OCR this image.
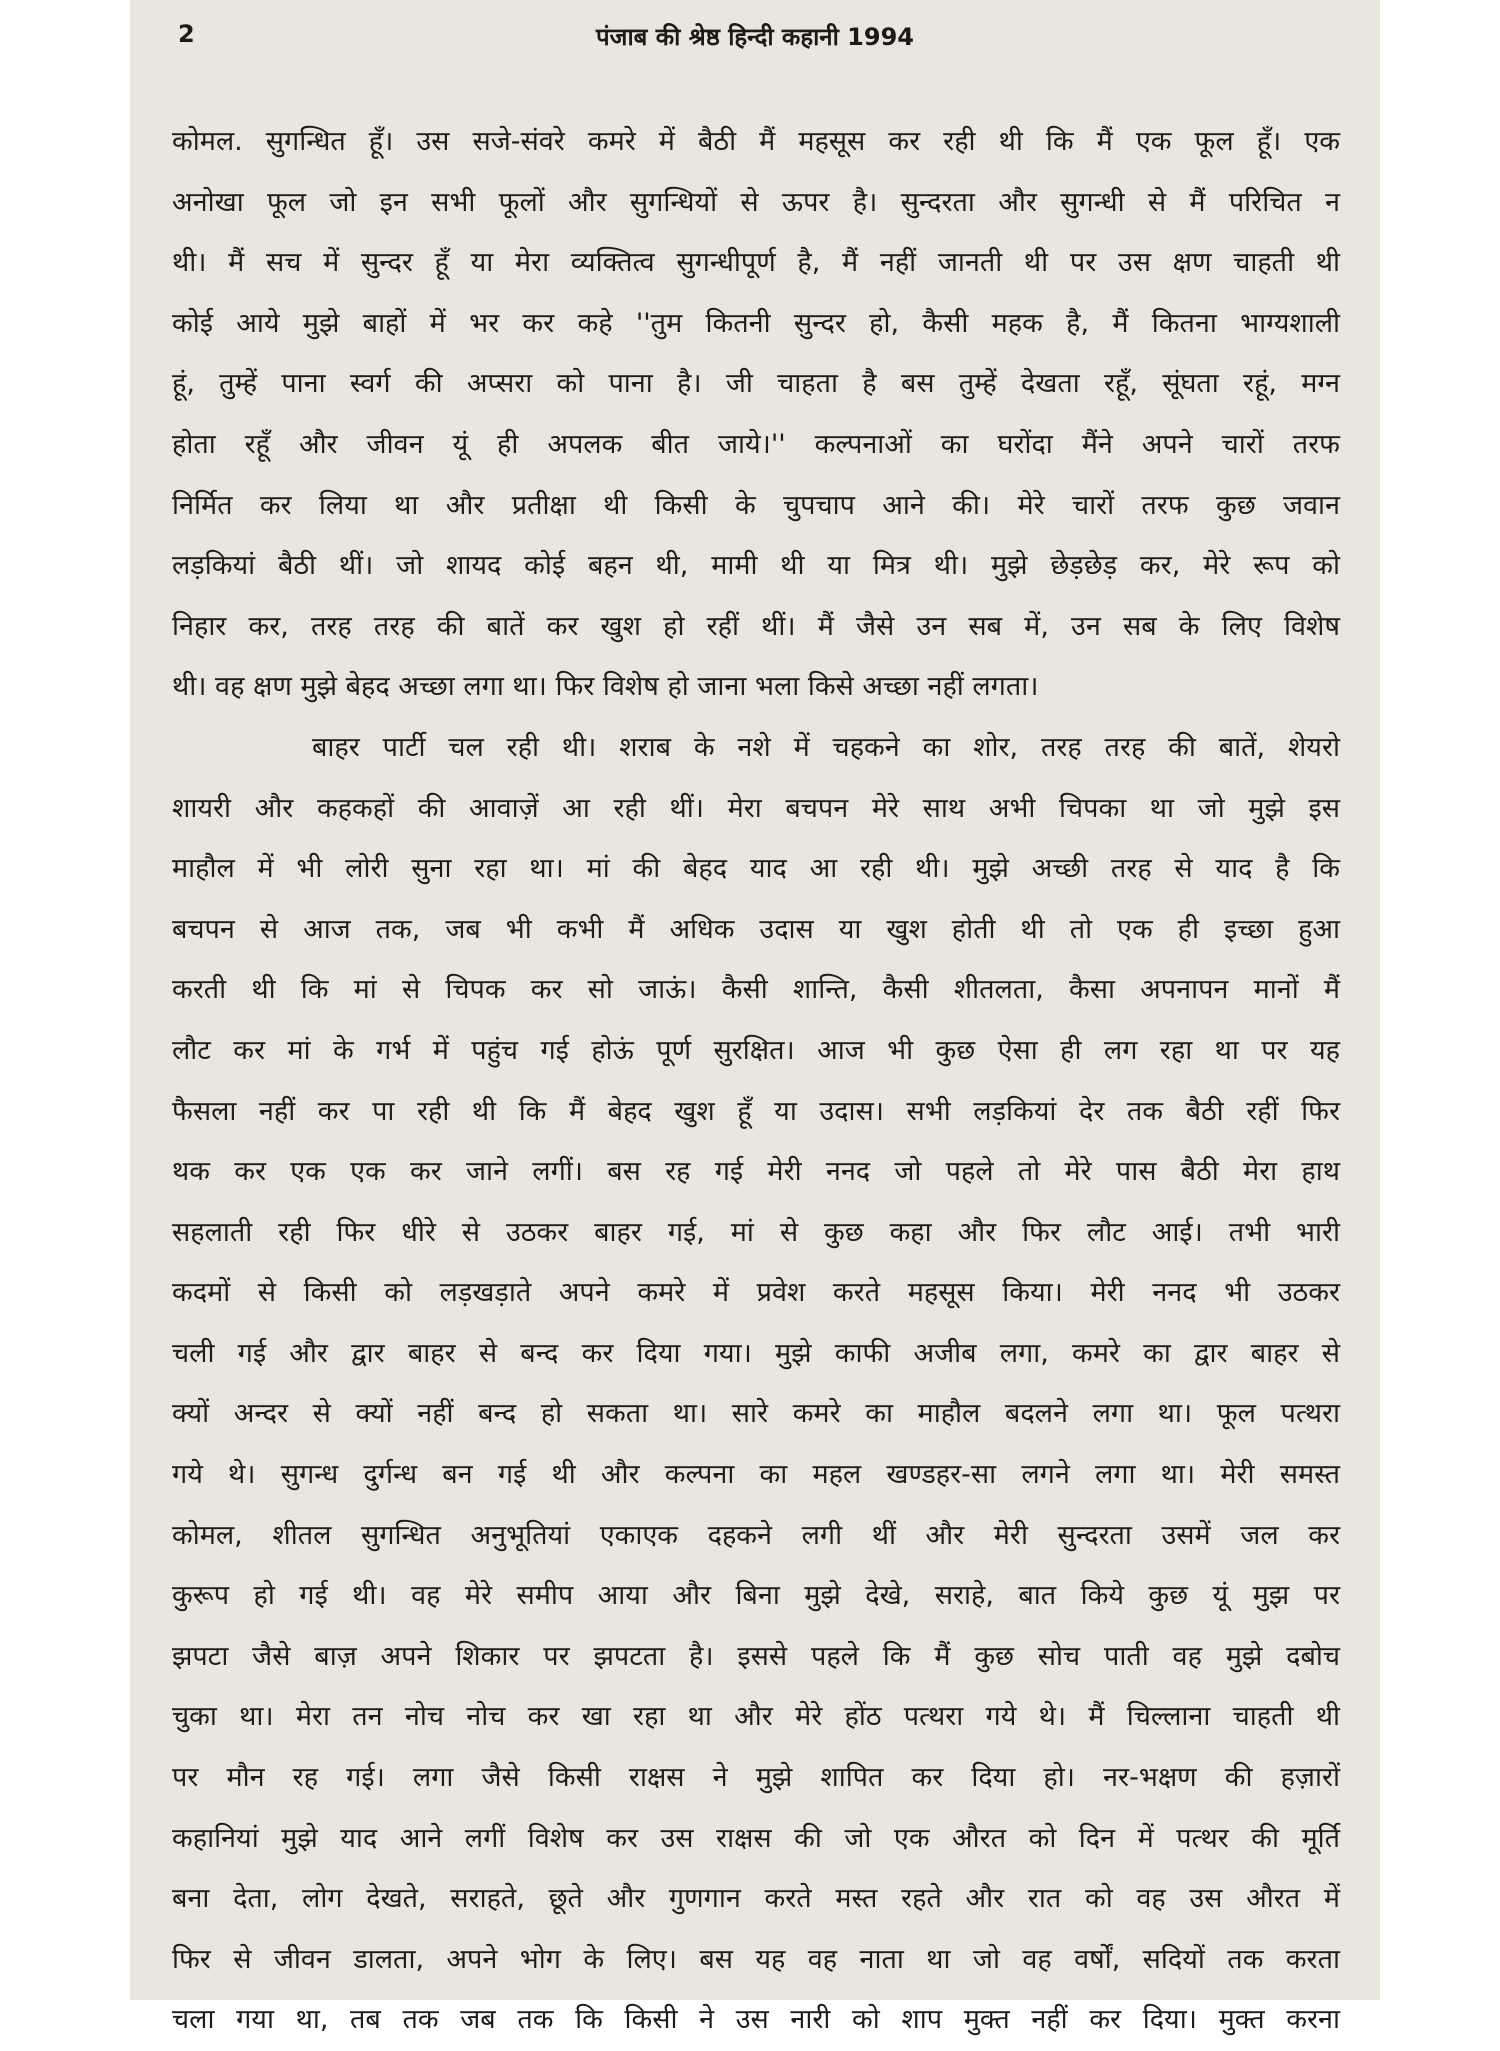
2	पंजाब की श्रेष्ठ हिन्दी कहानी 1994
कोमल. सुगन्धित हूँ। उस सजे-संवरे कमरे में बैठी मैं महसूस कर रही थी कि मैं एक फूल हूँ। एक
अनोखा फूल जो इन सभी फूलों और सुगन्धियों से ऊपर है। सुन्दरता और सुगन्धी से मैं परिचित न
थी। मैं सच में सुन्दर हूँ या मेरा व्यक्तित्व सुगन्धीपूर्ण है, मैं नहीं जानती थी पर उस क्षण चाहती थी
कोई आये मुझे बाहों में भर कर कहे ''तुम कितनी सुन्दर हो, कैसी महक है, मैं कितना भाग्यशाली
हूं, तुम्हें पाना स्वर्ग की अप्सरा को पाना है। जी चाहता है बस तुम्हें देखता रहूँ, सूंघता रहूं, मग्न
होता रहूँ और जीवन यूं ही अपलक बीत जाये।'' कल्पनाओं का घरोंदा मैंने अपने चारों तरफ
निर्मित कर लिया था और प्रतीक्षा थी किसी के चुपचाप आने की। मेरे चारों तरफ कुछ जवान
लड़कियां बैठी थीं। जो शायद कोई बहन थी, मामी थी या मित्र थी। मुझे छेड़छेड़ कर, मेरे रूप को
निहार कर, तरह तरह की बातें कर खुश हो रहीं थीं। मैं जैसे उन सब में, उन सब के लिए विशेष
थी। वह क्षण मुझे बेहद अच्छा लगा था। फिर विशेष हो जाना भला किसे अच्छा नहीं लगता।
बाहर पार्टी चल रही थी। शराब के नशे में चहकने का शोर, तरह तरह की बातें, शेयरो
शायरी और कहकहों की आवाज़ें आ रही थीं। मेरा बचपन मेरे साथ अभी चिपका था जो मुझे इस
माहौल में भी लोरी सुना रहा था। मां की बेहद याद आ रही थी। मुझे अच्छी तरह से याद है कि
बचपन से आज तक, जब भी कभी मैं अधिक उदास या खुश होती थी तो एक ही इच्छा हुआ
करती थी कि मां से चिपक कर सो जाऊं। कैसी शान्ति, कैसी शीतलता, कैसा अपनापन मानों मैं
लौट कर मां के गर्भ में पहुंच गई होऊं पूर्ण सुरक्षित। आज भी कुछ ऐसा ही लग रहा था पर यह
फैसला नहीं कर पा रही थी कि मैं बेहद खुश हूँ या उदास। सभी लड़कियां देर तक बैठी रहीं फिर
थक कर एक एक कर जाने लगीं। बस रह गई मेरी ननद जो पहले तो मेरे पास बैठी मेरा हाथ
सहलाती रही फिर धीरे से उठकर बाहर गई, मां से कुछ कहा और फिर लौट आई। तभी भारी
कदमों से किसी को लड़खड़ाते अपने कमरे में प्रवेश करते महसूस किया। मेरी ननद भी उठकर
चली गई और द्वार बाहर से बन्द कर दिया गया। मुझे काफी अजीब लगा, कमरे का द्वार बाहर से
क्यों अन्दर से क्यों नहीं बन्द हो सकता था। सारे कमरे का माहौल बदलने लगा था। फूल पत्थरा
गये थे। सुगन्ध दुर्गन्ध बन गई थी और कल्पना का महल खण्डहर-सा लगने लगा था। मेरी समस्त
कोमल, शीतल सुगन्धित अनुभूतियां एकाएक दहकने लगी थीं और मेरी सुन्दरता उसमें जल कर
कुरूप हो गई थी। वह मेरे समीप आया और बिना मुझे देखे, सराहे, बात किये कुछ यूं मुझ पर
झपटा जैसे बाज़ अपने शिकार पर झपटता है। इससे पहले कि मैं कुछ सोच पाती वह मुझे दबोच
चुका था। मेरा तन नोच नोच कर खा रहा था और मेरे होंठ पत्थरा गये थे। मैं चिल्लाना चाहती थी
पर मौन रह गई। लगा जैसे किसी राक्षस ने मुझे शापित कर दिया हो। नर-भक्षण की हज़ारों
कहानियां मुझे याद आने लगीं विशेष कर उस राक्षस की जो एक औरत को दिन में पत्थर की मूर्ति
बना देता, लोग देखते, सराहते, छूते और गुणगान करते मस्त रहते और रात को वह उस औरत में
फिर से जीवन डालता, अपने भोग के लिए। बस यह वह नाता था जो वह वर्षों, सदियों तक करता
चला गया था, तब तक जब तक कि किसी ने उस नारी को शाप मुक्त नहीं कर दिया। मुक्त करना
